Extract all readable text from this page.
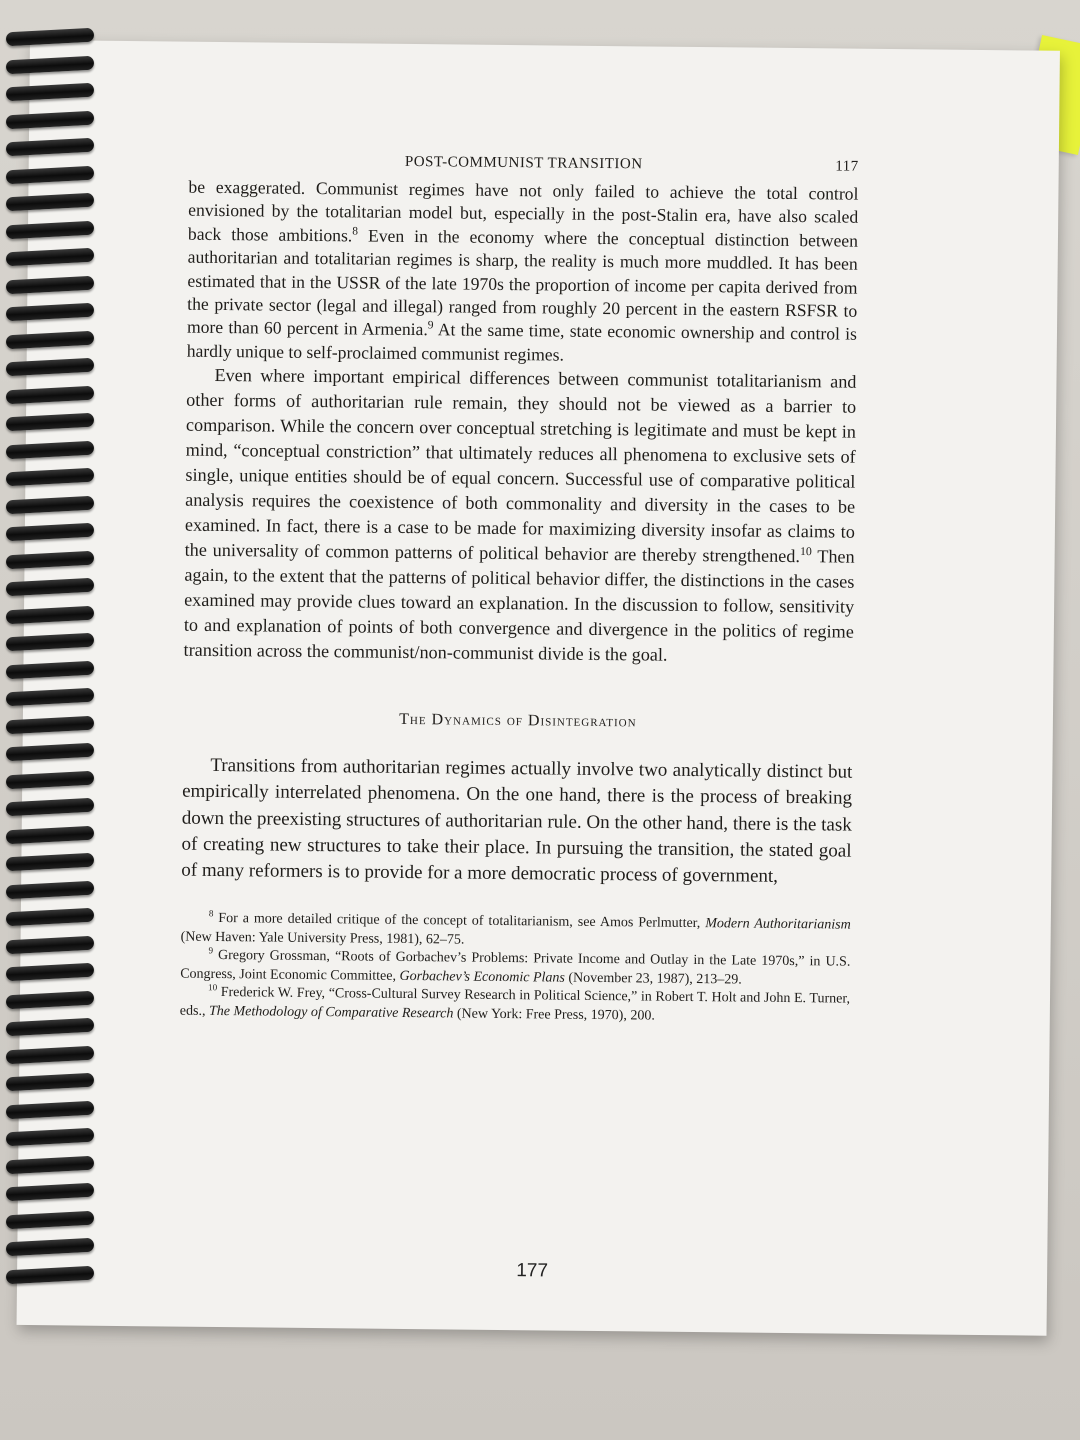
POST-COMMUNIST TRANSITION	117

be exaggerated. Communist regimes have not only failed to achieve the total control envisioned by the totalitarian model but, especially in the post-Stalin era, have also scaled back those ambitions.$^8$ Even in the economy where the conceptual distinction between authoritarian and totalitarian regimes is sharp, the reality is much more muddled. It has been estimated that in the USSR of the late 1970s the proportion of income per capita derived from the private sector (legal and illegal) ranged from roughly 20 percent in the eastern RSFSR to more than 60 percent in Armenia.$^9$ At the same time, state economic ownership and control is hardly unique to self-proclaimed communist regimes.

Even where important empirical differences between communist totalitarianism and other forms of authoritarian rule remain, they should not be viewed as a barrier to comparison. While the concern over conceptual stretching is legitimate and must be kept in mind, “conceptual constriction” that ultimately reduces all phenomena to exclusive sets of single, unique entities should be of equal concern. Successful use of comparative political analysis requires the coexistence of both commonality and diversity in the cases to be examined. In fact, there is a case to be made for maximizing diversity insofar as claims to the universality of common patterns of political behavior are thereby strengthened.$^{10}$ Then again, to the extent that the patterns of political behavior differ, the distinctions in the cases examined may provide clues toward an explanation. In the discussion to follow, sensitivity to and explanation of points of both convergence and divergence in the politics of regime transition across the communist/non-communist divide is the goal.

The Dynamics of Disintegration

Transitions from authoritarian regimes actually involve two analytically distinct but empirically interrelated phenomena. On the one hand, there is the process of breaking down the preexisting structures of authoritarian rule. On the other hand, there is the task of creating new structures to take their place. In pursuing the transition, the stated goal of many reformers is to provide for a more democratic process of government,

$^8$ For a more detailed critique of the concept of totalitarianism, see Amos Perlmutter, Modern Authoritarianism (New Haven: Yale University Press, 1981), 62–75.

$^9$ Gregory Grossman, “Roots of Gorbachev’s Problems: Private Income and Outlay in the Late 1970s,” in U.S. Congress, Joint Economic Committee, Gorbachev’s Economic Plans (November 23, 1987), 213–29.

$^{10}$ Frederick W. Frey, “Cross-Cultural Survey Research in Political Science,” in Robert T. Holt and John E. Turner, eds., The Methodology of Comparative Research (New York: Free Press, 1970), 200.

177
